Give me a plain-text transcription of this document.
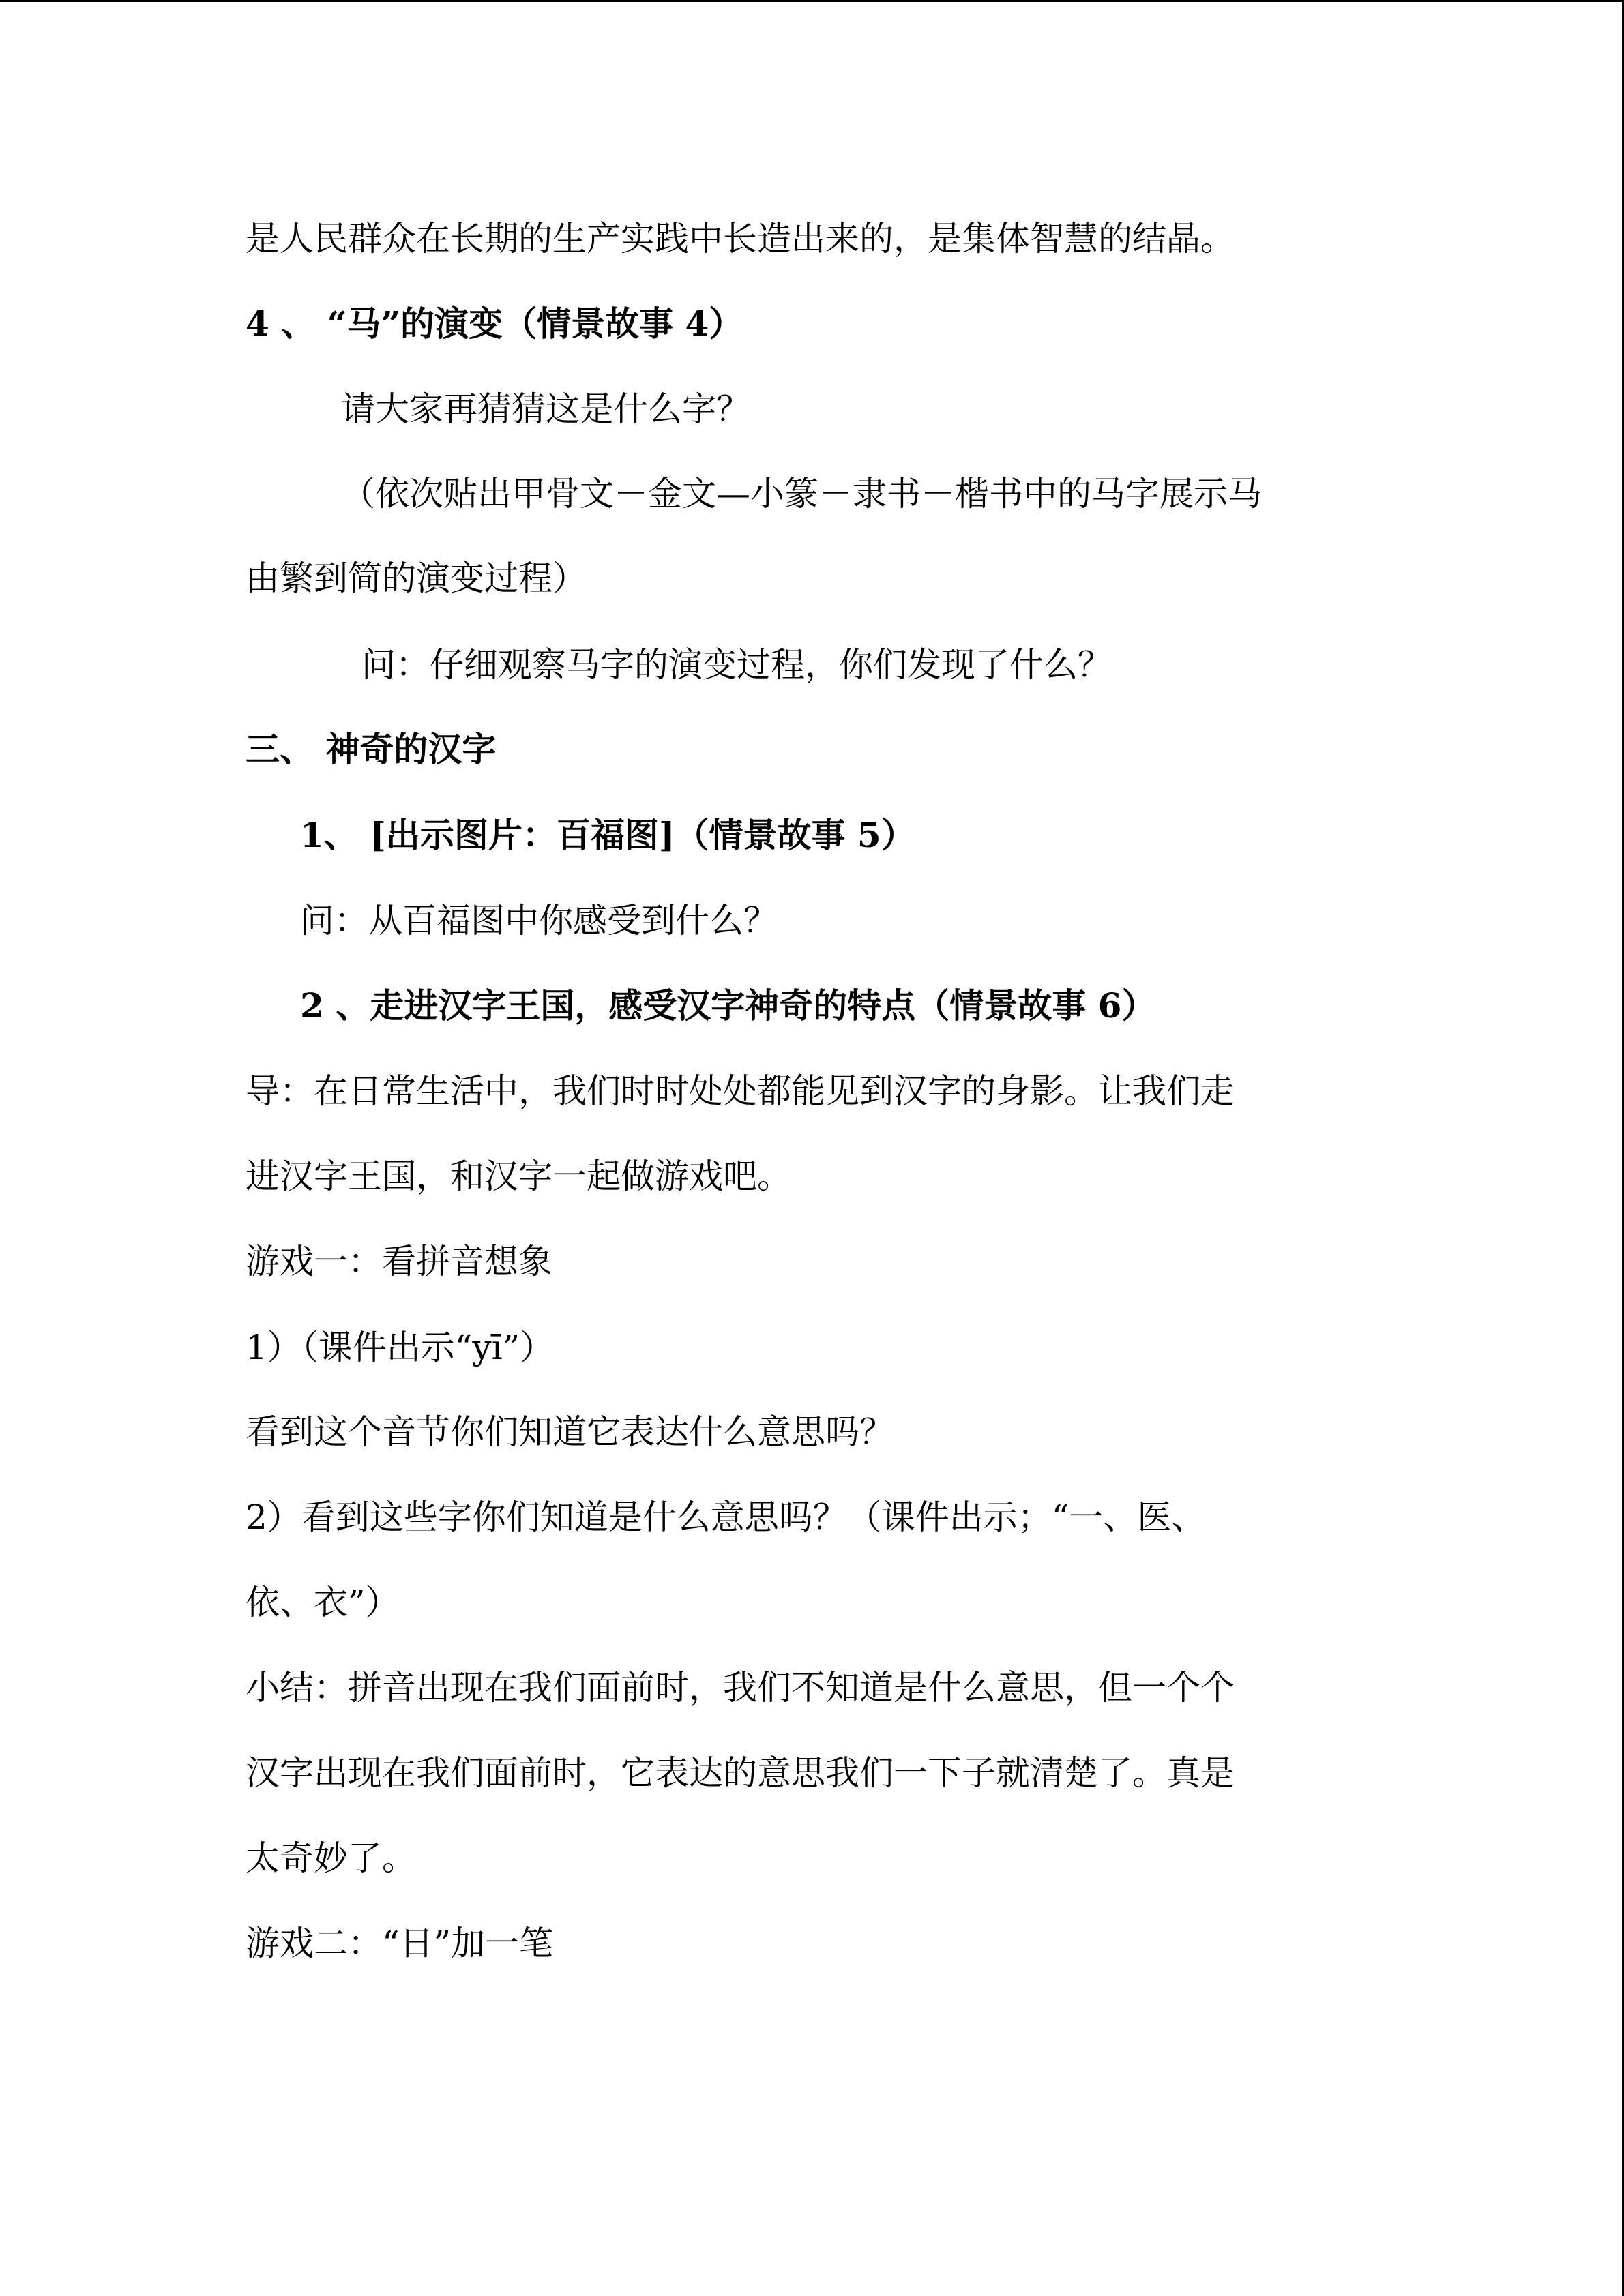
是人民群众在长期的生产实践中长造出来的，是集体智慧的结晶。
4 、 “马”的演变（情景故事 4）
请大家再猜猜这是什么字？
（依次贴出甲骨文－金文—小篆－隶书－楷书中的马字展示马
由繁到简的演变过程）
问：仔细观察马字的演变过程，你们发现了什么？
三、 神奇的汉字
1、 [出示图片：百福图]（情景故事 5）
问：从百福图中你感受到什么？
2 、走进汉字王国，感受汉字神奇的特点（情景故事 6）
导：在日常生活中，我们时时处处都能见到汉字的身影。让我们走
进汉字王国，和汉字一起做游戏吧。
游戏一：看拼音想象
1）（课件出示“yī”）
看到这个音节你们知道它表达什么意思吗？
2）看到这些字你们知道是什么意思吗？（课件出示；“一、医、
依、衣”）
小结：拼音出现在我们面前时，我们不知道是什么意思，但一个个
汉字出现在我们面前时，它表达的意思我们一下子就清楚了。真是
太奇妙了。
游戏二：“日”加一笔
